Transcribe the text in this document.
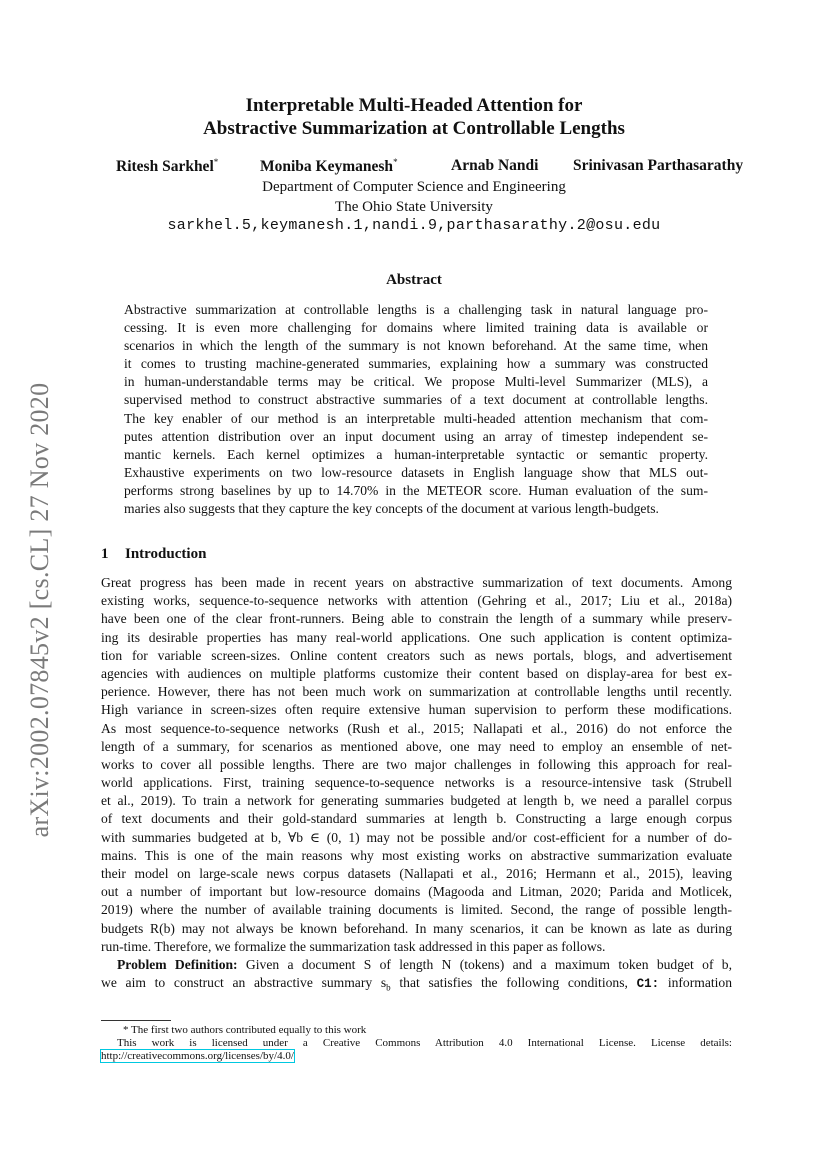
arXiv:2002.07845v2 [cs.CL] 27 Nov 2020
Interpretable Multi-Headed Attention for
Abstractive Summarization at Controllable Lengths
Ritesh Sarkhel*	Moniba Keymanesh*	Arnab Nandi Srinivasan Parthasarathy
Department of Computer Science and Engineering
The Ohio State University
sarkhel.5,keymanesh.1,nandi.9,parthasarathy.2@osu.edu
Abstract
Abstractive summarization at controllable lengths is a challenging task in natural language pro-
cessing. It is even more challenging for domains where limited training data is available or
scenarios in which the length of the summary is not known beforehand. At the same time, when
it comes to trusting machine-generated summaries, explaining how a summary was constructed
in human-understandable terms may be critical. We propose Multi-level Summarizer (MLS), a
supervised method to construct abstractive summaries of a text document at controllable lengths.
The key enabler of our method is an interpretable multi-headed attention mechanism that com-
putes attention distribution over an input document using an array of timestep independent se-
mantic kernels. Each kernel optimizes a human-interpretable syntactic or semantic property.
Exhaustive experiments on two low-resource datasets in English language show that MLS out-
performs strong baselines by up to 14.70% in the METEOR score. Human evaluation of the sum-
maries also suggests that they capture the key concepts of the document at various length-budgets.
1 Introduction
Great progress has been made in recent years on abstractive summarization of text documents. Among
existing works, sequence-to-sequence networks with attention (Gehring et al., 2017; Liu et al., 2018a)
have been one of the clear front-runners. Being able to constrain the length of a summary while preserv-
ing its desirable properties has many real-world applications. One such application is content optimiza-
tion for variable screen-sizes. Online content creators such as news portals, blogs, and advertisement
agencies with audiences on multiple platforms customize their content based on display-area for best ex-
perience. However, there has not been much work on summarization at controllable lengths until recently.
High variance in screen-sizes often require extensive human supervision to perform these modifications.
As most sequence-to-sequence networks (Rush et al., 2015; Nallapati et al., 2016) do not enforce the
length of a summary, for scenarios as mentioned above, one may need to employ an ensemble of net-
works to cover all possible lengths. There are two major challenges in following this approach for real-
world applications. First, training sequence-to-sequence networks is a resource-intensive task (Strubell
et al., 2019). To train a network for generating summaries budgeted at length b, we need a parallel corpus
of text documents and their gold-standard summaries at length b. Constructing a large enough corpus
with summaries budgeted at b, ∀b ∈ (0, 1) may not be possible and/or cost-efficient for a number of do-
mains. This is one of the main reasons why most existing works on abstractive summarization evaluate
their model on large-scale news corpus datasets (Nallapati et al., 2016; Hermann et al., 2015), leaving
out a number of important but low-resource domains (Magooda and Litman, 2020; Parida and Motlicek,
2019) where the number of available training documents is limited. Second, the range of possible length-
budgets R(b) may not always be known beforehand. In many scenarios, it can be known as late as during
run-time. Therefore, we formalize the summarization task addressed in this paper as follows.
Problem Definition: Given a document S of length N (tokens) and a maximum token budget of b,
we aim to construct an abstractive summary $s_b$ that satisfies the following conditions, C1: information
* The first two authors contributed equally to this work
This work is licensed under a Creative Commons Attribution 4.0 International License. License details:
http://creativecommons.org/licenses/by/4.0/
